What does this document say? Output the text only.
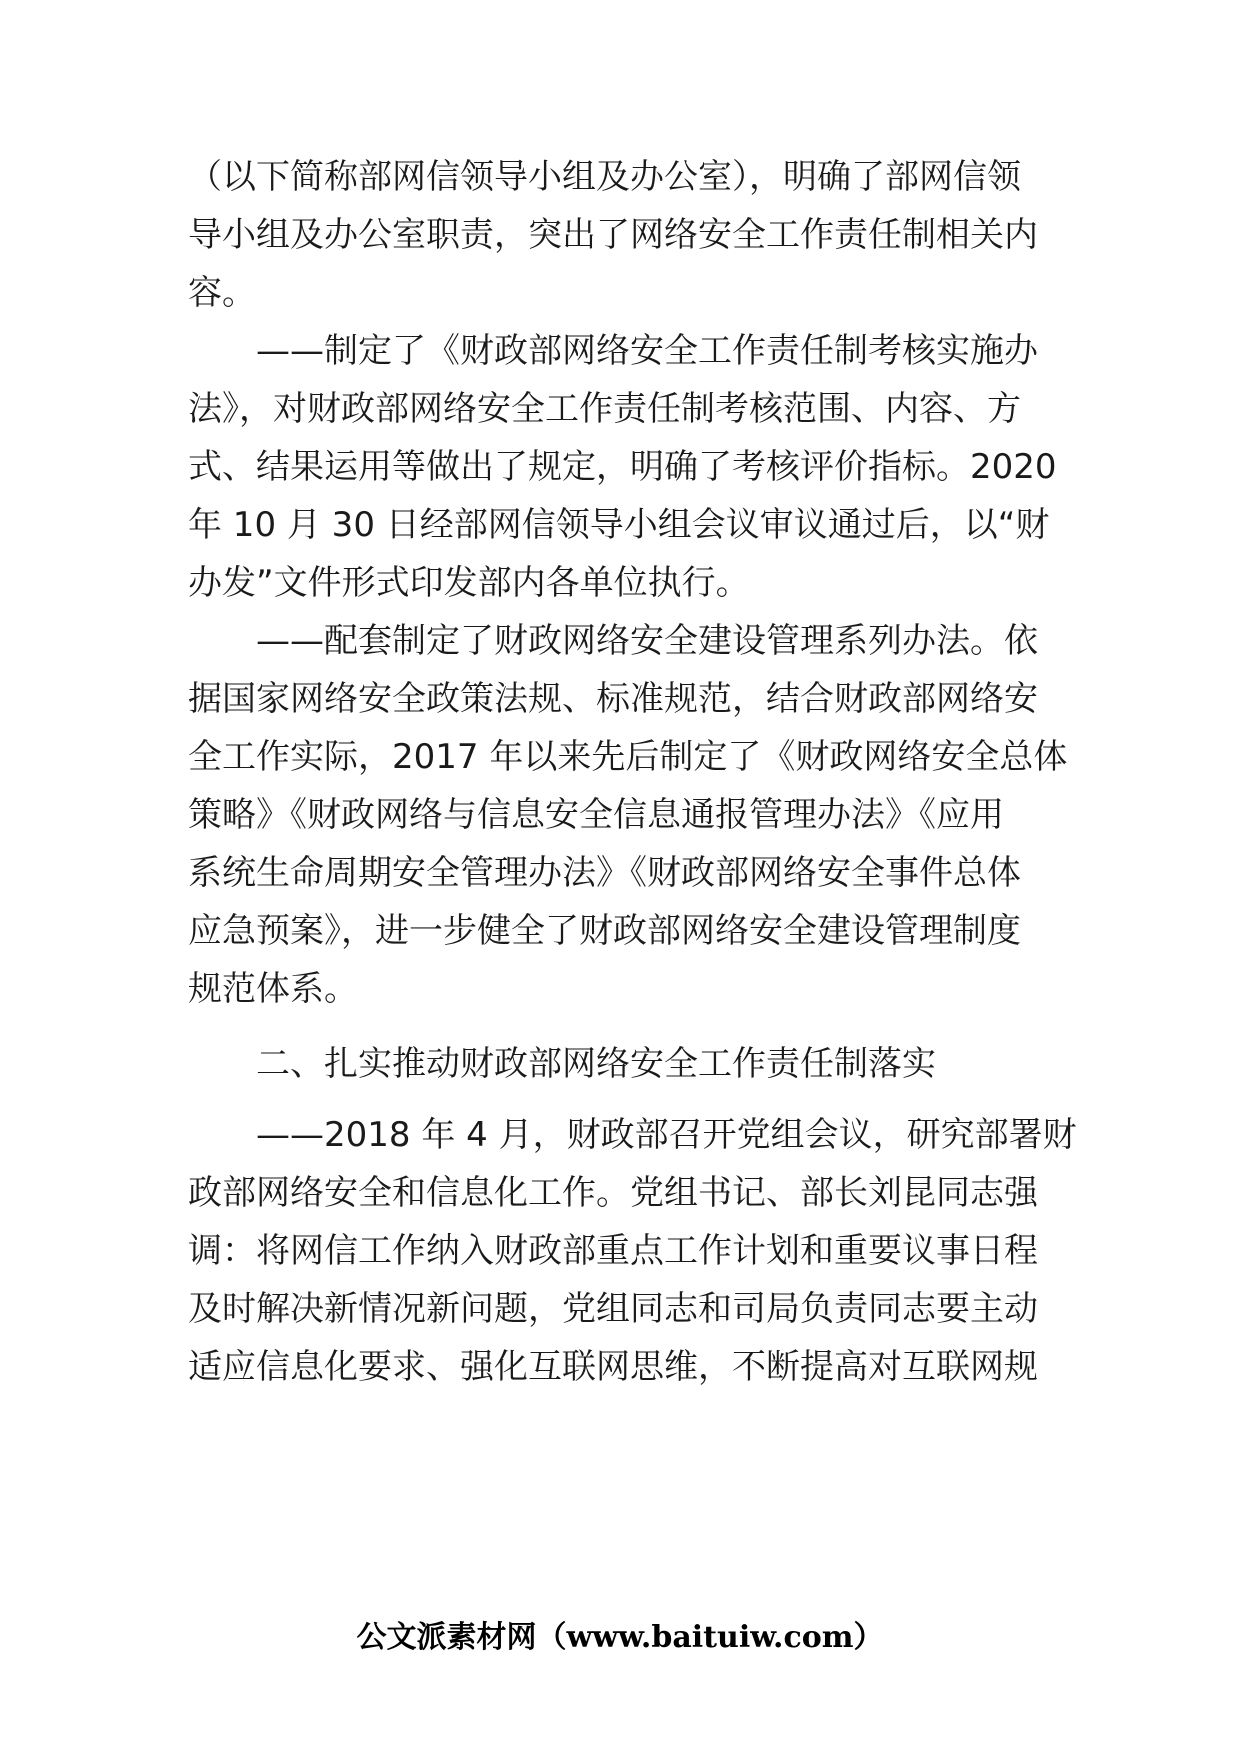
（以下简称部网信领导小组及办公室），明确了部网信领
导小组及办公室职责，突出了网络安全工作责任制相关内
容。
——制定了《财政部网络安全工作责任制考核实施办
法》，对财政部网络安全工作责任制考核范围、内容、方
式、结果运用等做出了规定，明确了考核评价指标。2020
年 10 月 30 日经部网信领导小组会议审议通过后，以“财
办发”文件形式印发部内各单位执行。
——配套制定了财政网络安全建设管理系列办法。依
据国家网络安全政策法规、标准规范，结合财政部网络安
全工作实际，2017 年以来先后制定了《财政网络安全总体
策略》《财政网络与信息安全信息通报管理办法》《应用
系统生命周期安全管理办法》《财政部网络安全事件总体
应急预案》，进一步健全了财政部网络安全建设管理制度
规范体系。
二、扎实推动财政部网络安全工作责任制落实
——2018 年 4 月，财政部召开党组会议，研究部署财
政部网络安全和信息化工作。党组书记、部长刘昆同志强
调：将网信工作纳入财政部重点工作计划和重要议事日程
及时解决新情况新问题，党组同志和司局负责同志要主动
适应信息化要求、强化互联网思维，不断提高对互联网规
公文派素材网（www.baituiw.com）
